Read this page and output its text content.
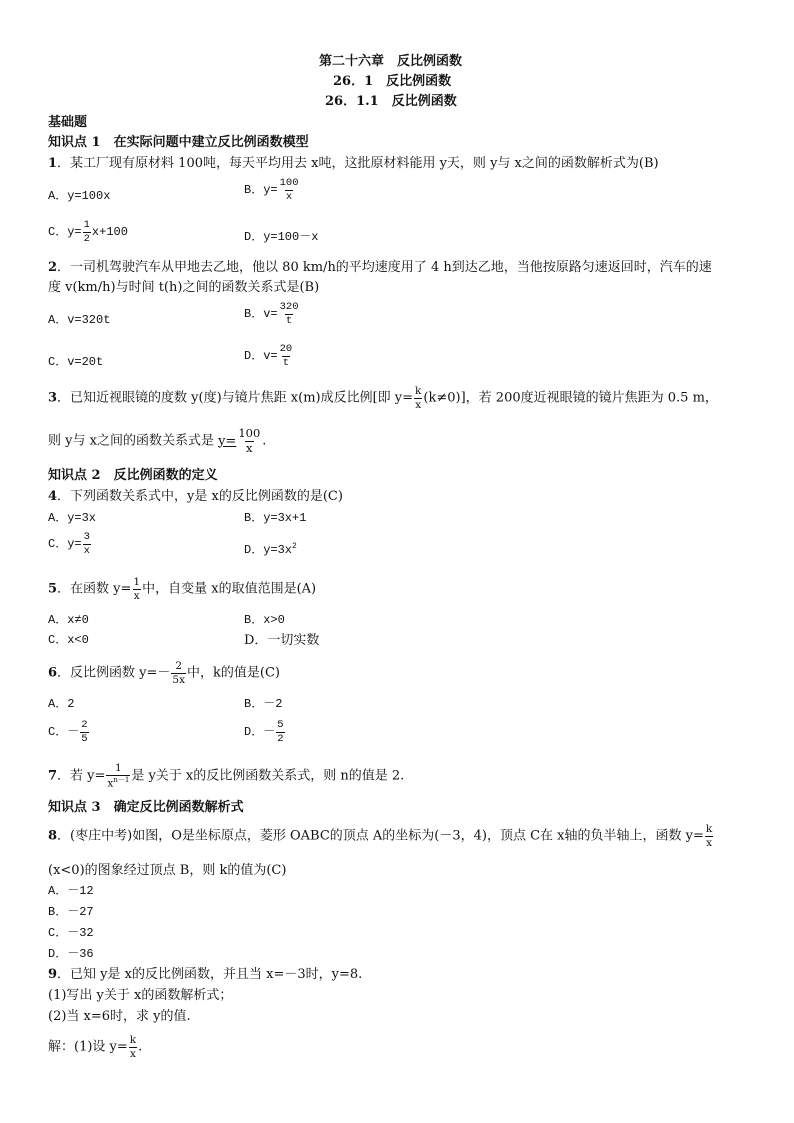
第二十六章　反比例函数
26．1　反比例函数
26．1.1　反比例函数
基础题
知识点 1　在实际问题中建立反比例函数模型
1．某工厂现有原材料 100吨，每天平均用去 x吨，这批原材料能用 y天，则 y与 x之间的函数解析式为(B)
A．y=100x	B．$y= \frac{100}{x}$
C．$y= \frac{1}{2} x+100$	D．y=100－x
2．一司机驾驶汽车从甲地去乙地，他以 80 km/h的平均速度用了 4 h到达乙地，当他按原路匀速返回时，汽车的速
度 v(km/h)与时间 t(h)之间的函数关系式是(B)
A．v=320t	B．$v= \frac{320}{t}$
C．v=20t	D．$v= \frac{20}{t}$
3．已知近视眼镜的度数 y(度)与镜片焦距 x(m)成反比例[即 $y= \frac{k}{x} (k\ne 0)$]，若 200度近视眼镜的镜片焦距为 0.5 m，
则 y与 x之间的函数关系式是 $y= \frac{100}{x}$ .
知识点 2　反比例函数的定义
4．下列函数关系式中，y是 x的反比例函数的是(C)
A．y=3x	B．y=3x+1
C．$y= \frac{3}{x}$	D．$y=3x^2$
5．在函数 $y= \frac{1}{x}$ 中，自变量 x的取值范围是(A)
A．x≠0	B．x>0
C．x<0	D．一切实数
6．反比例函数 $y=- \frac{2}{5x}$ 中，k的值是(C)
A．2	B．－2
C．－ $\frac{2}{5}$	D．－ $\frac{5}{2}$
7．若 $y= \frac{1}{x^{n-1}}$ 是 y关于 x的反比例函数关系式，则 n的值是 2.
知识点 3　确定反比例函数解析式
8．(枣庄中考)如图，O是坐标原点，菱形 OABC的顶点 A的坐标为(－3，4)，顶点 C在 x轴的负半轴上，函数 $y= \frac{k}{x}$
(x<0)的图象经过顶点 B，则 k的值为(C)
A．－12
B．－27
C．－32
D．－36
9．已知 y是 x的反比例函数，并且当 x=－3时，y=8.
(1)写出 y关于 x的函数解析式；
(2)当 x=6时，求 y的值.
解：(1)设 $y= \frac{k}{x}$ .
